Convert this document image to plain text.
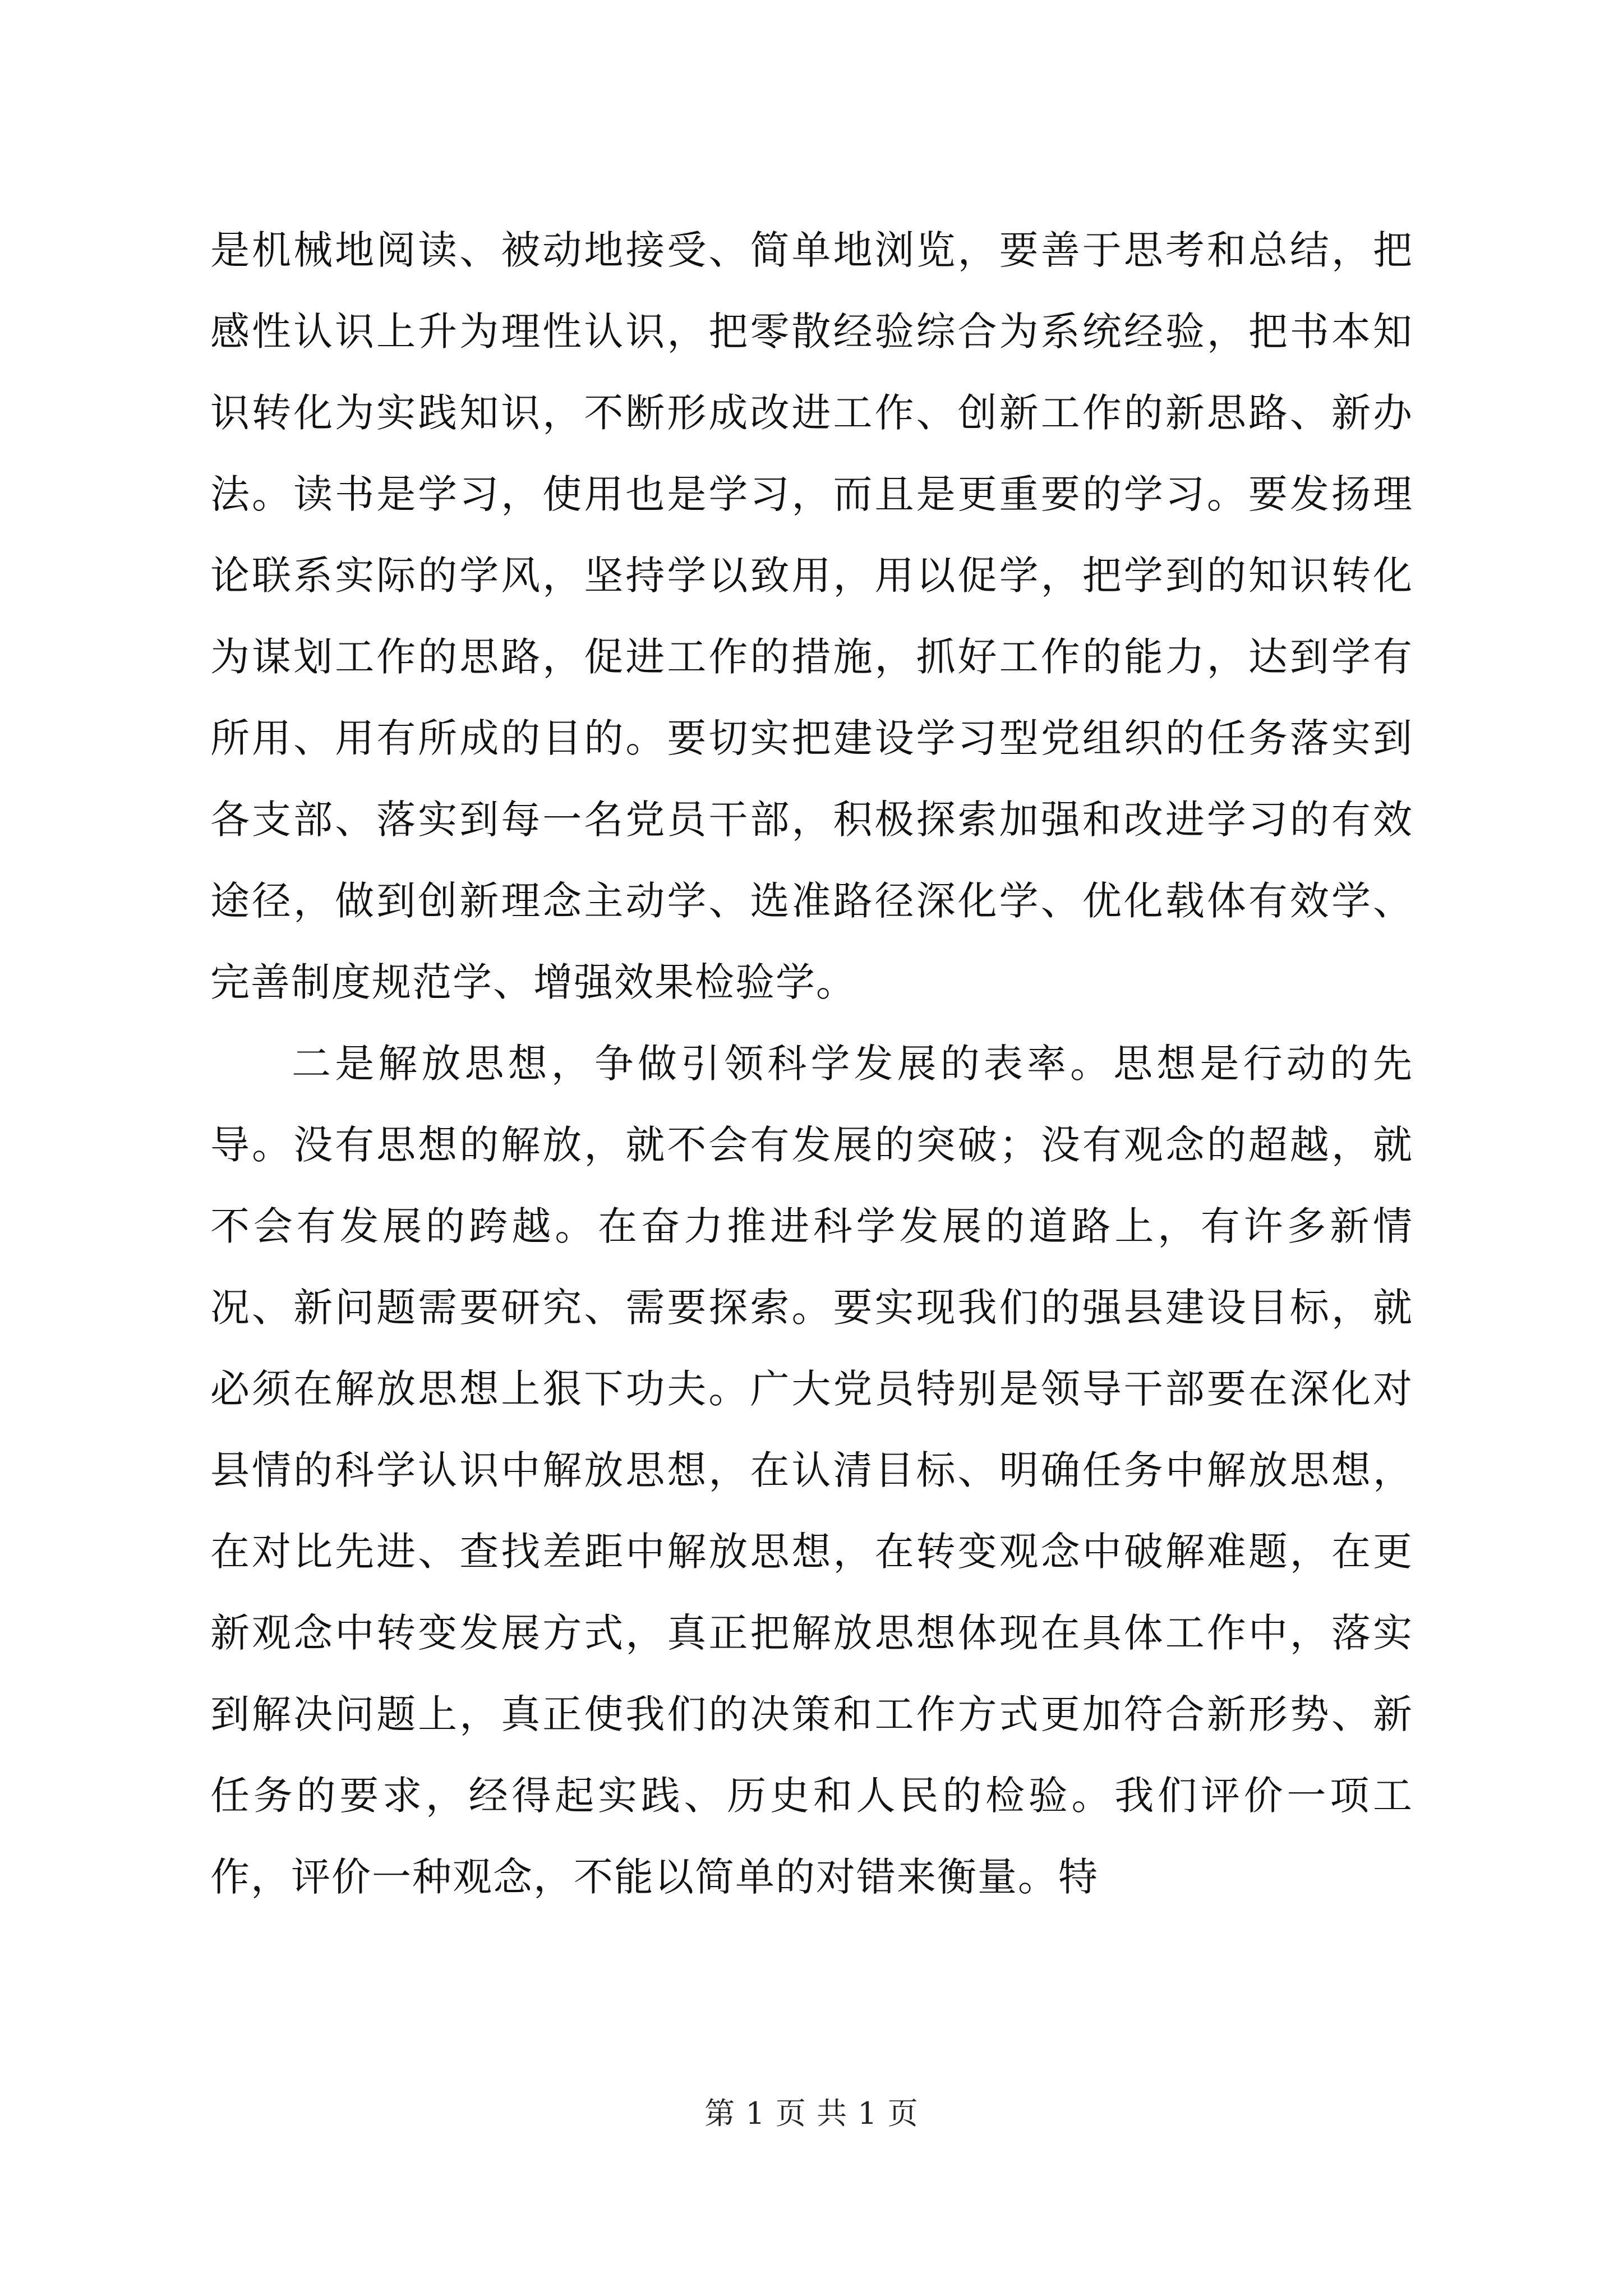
是机械地阅读、被动地接受、简单地浏览，要善于思考和总结，把感性认识上升为理性认识，把零散经验综合为系统经验，把书本知识转化为实践知识，不断形成改进工作、创新工作的新思路、新办法。读书是学习，使用也是学习，而且是更重要的学习。要发扬理论联系实际的学风，坚持学以致用，用以促学，把学到的知识转化为谋划工作的思路，促进工作的措施，抓好工作的能力，达到学有所用、用有所成的目的。要切实把建设学习型党组织的任务落实到各支部、落实到每一名党员干部，积极探索加强和改进学习的有效途径，做到创新理念主动学、选准路径深化学、优化载体有效学、完善制度规范学、增强效果检验学。

二是解放思想，争做引领科学发展的表率。思想是行动的先导。没有思想的解放，就不会有发展的突破；没有观念的超越，就不会有发展的跨越。在奋力推进科学发展的道路上，有许多新情况、新问题需要研究、需要探索。要实现我们的强县建设目标，就必须在解放思想上狠下功夫。广大党员特别是领导干部要在深化对县情的科学认识中解放思想，在认清目标、明确任务中解放思想，在对比先进、查找差距中解放思想，在转变观念中破解难题，在更新观念中转变发展方式，真正把解放思想体现在具体工作中，落实到解决问题上，真正使我们的决策和工作方式更加符合新形势、新任务的要求，经得起实践、历史和人民的检验。我们评价一项工作，评价一种观念，不能以简单的对错来衡量。特

第 1 页 共 1 页
